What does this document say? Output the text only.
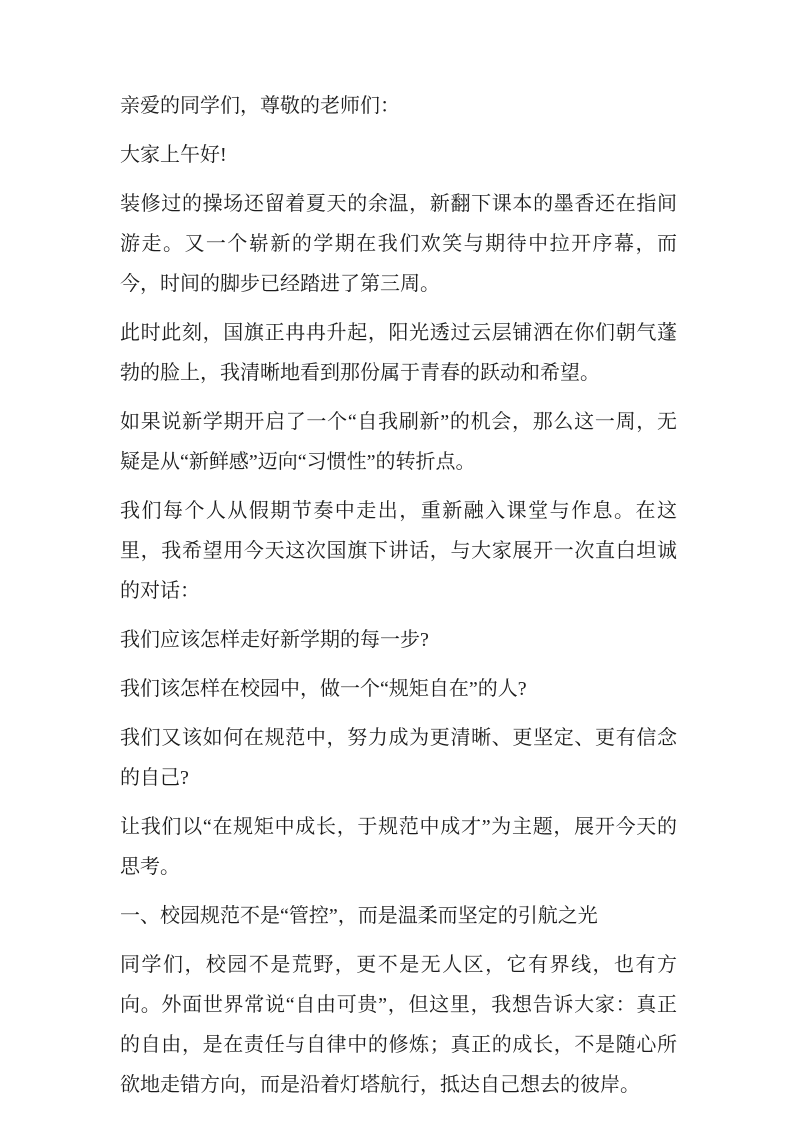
亲爱的同学们，尊敬的老师们：

大家上午好!

装修过的操场还留着夏天的余温，新翻下课本的墨香还在指间游走。又一个崭新的学期在我们欢笑与期待中拉开序幕，而今，时间的脚步已经踏进了第三周。

此时此刻，国旗正冉冉升起，阳光透过云层铺洒在你们朝气蓬勃的脸上，我清晰地看到那份属于青春的跃动和希望。

如果说新学期开启了一个“自我刷新”的机会，那么这一周，无疑是从“新鲜感”迈向“习惯性”的转折点。

我们每个人从假期节奏中走出，重新融入课堂与作息。在这里，我希望用今天这次国旗下讲话，与大家展开一次直白坦诚的对话：

我们应该怎样走好新学期的每一步?

我们该怎样在校园中，做一个“规矩自在”的人?

我们又该如何在规范中，努力成为更清晰、更坚定、更有信念的自己?

让我们以“在规矩中成长，于规范中成才”为主题，展开今天的思考。

一、校园规范不是“管控”，而是温柔而坚定的引航之光

同学们，校园不是荒野，更不是无人区，它有界线，也有方向。外面世界常说“自由可贵”，但这里，我想告诉大家：真正的自由，是在责任与自律中的修炼；真正的成长，不是随心所欲地走错方向，而是沿着灯塔航行，抵达自己想去的彼岸。
